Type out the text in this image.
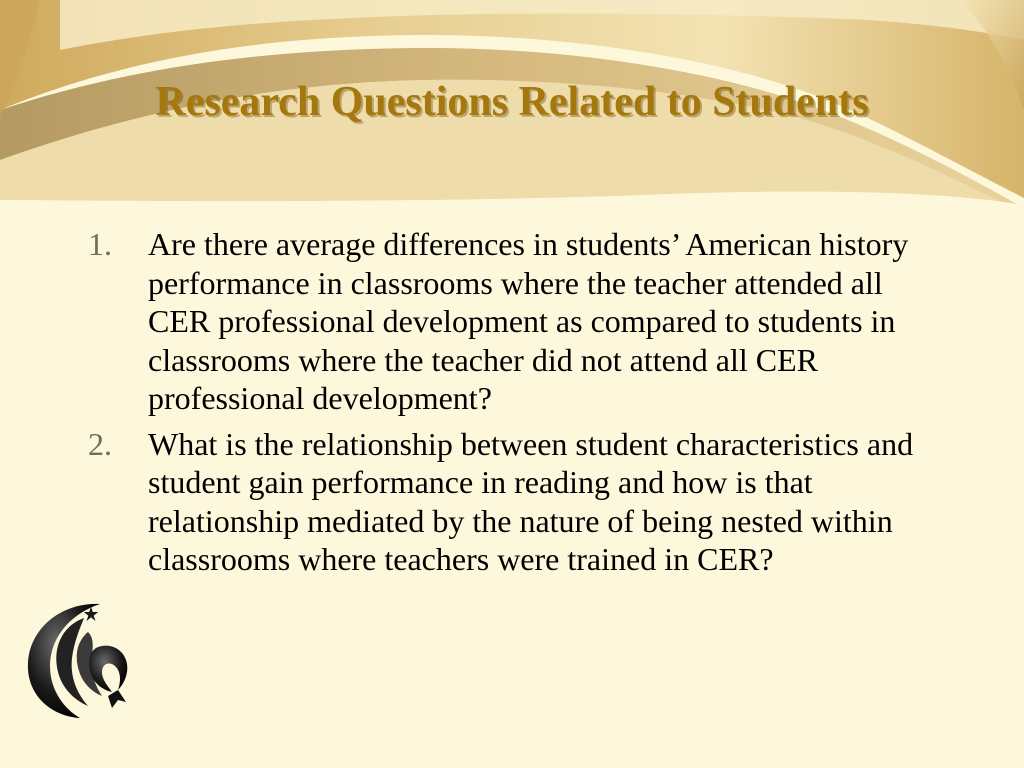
Research Questions Related to Students
1. Are there average differences in students’ American history performance in classrooms where the teacher attended all CER professional development as compared to students in classrooms where the teacher did not attend all CER professional development?
2. What is the relationship between student characteristics and student gain performance in reading and how is that relationship mediated by the nature of being nested within classrooms where teachers were trained in CER?
